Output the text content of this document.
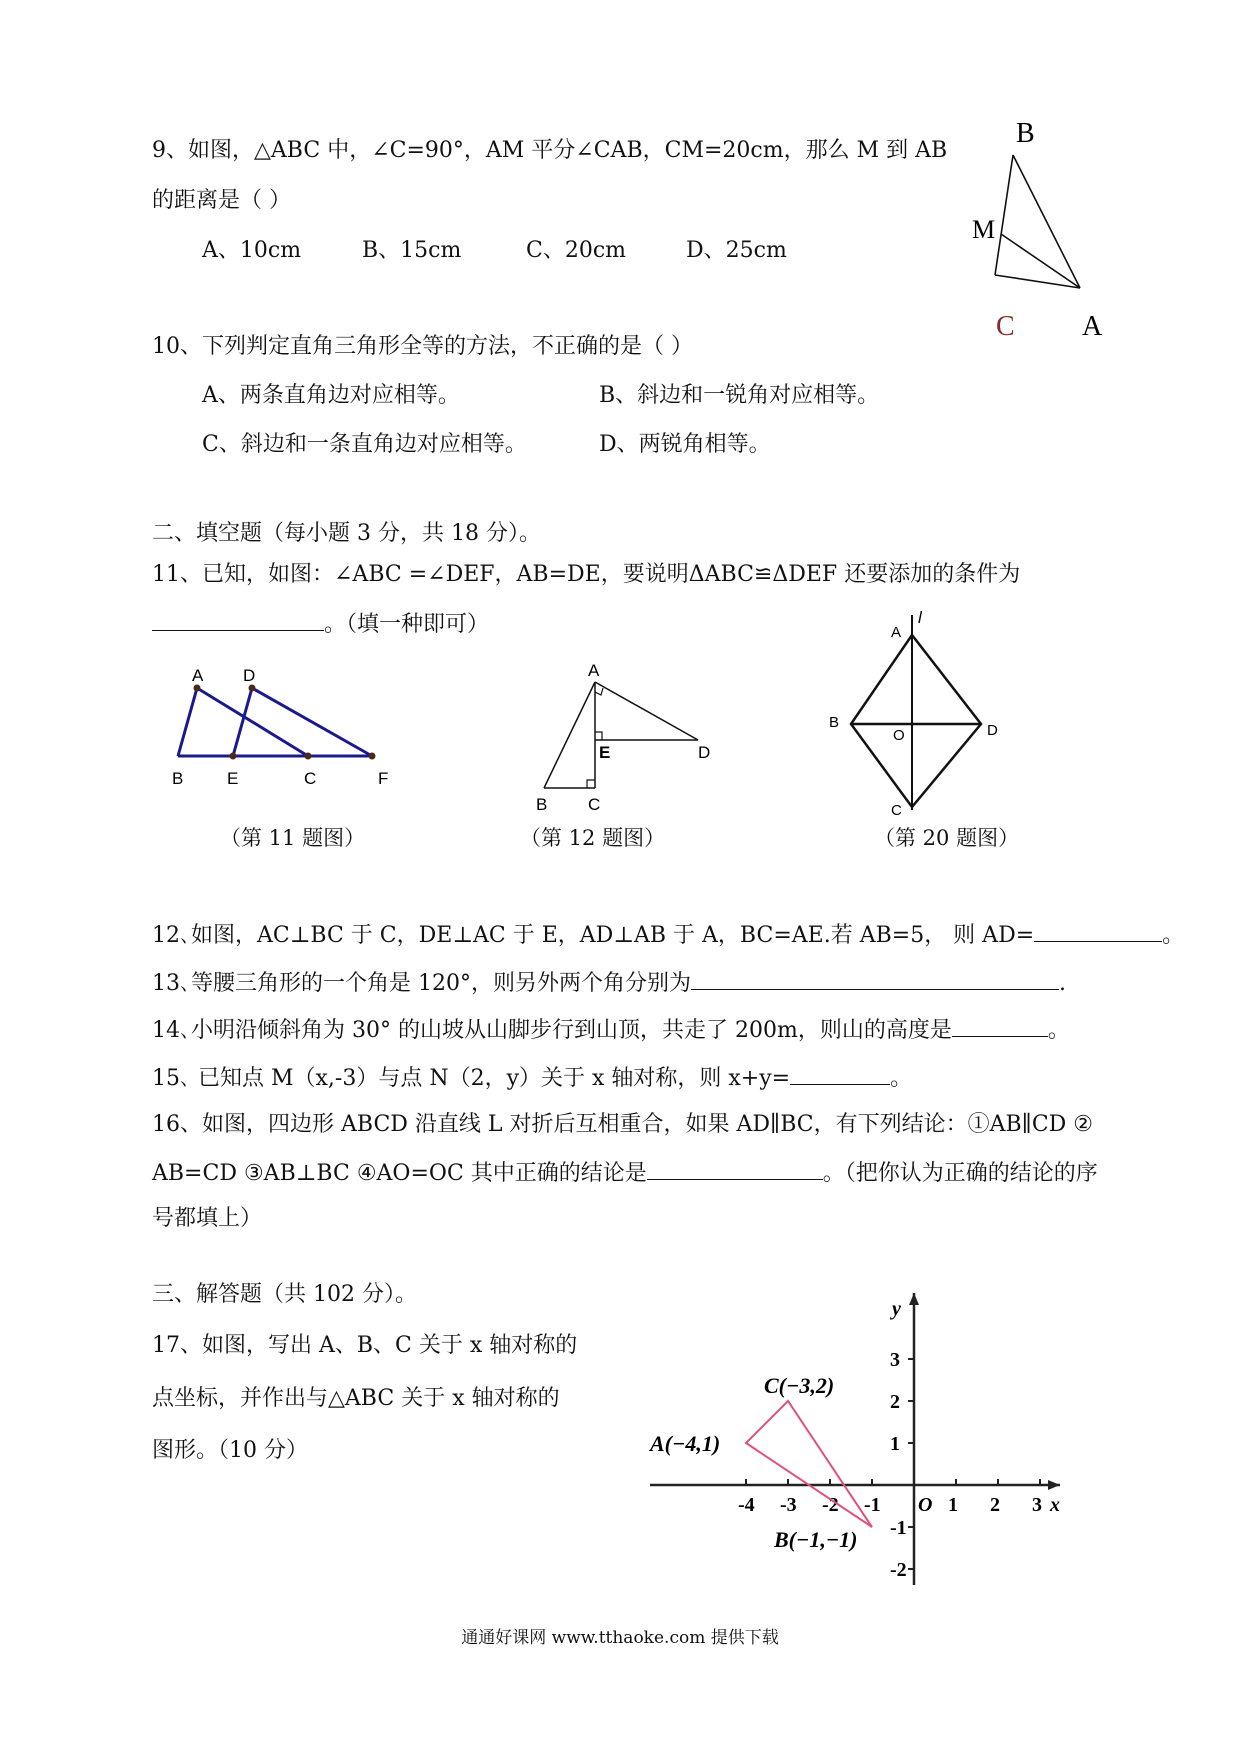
9、如图，△ABC 中，∠C=90°，AM 平分∠CAB，CM=20cm，那么 M 到 AB
的距离是（ ）
A、10cm	B、15cm	C、20cm	D、25cm
B
M
C A
10、下列判定直角三角形全等的方法，不正确的是（ ）
A、两条直角边对应相等。	B、斜边和一锐角对应相等。
C、斜边和一条直角边对应相等。	D、两锐角相等。
二、填空题（每小题 3 分，共 18 分）。
11、已知，如图：∠ABC =∠DEF，AB=DE，要说明ΔABC≌ΔDEF 还要添加的条件为
。（填一种即可）
A D
B	E	C	F
（第 11 题图）
A
E	D
B C
（第 12 题图）
l
A
B
O	D
C
（第 20 题图）
12､如图，AC⊥BC 于 C，DE⊥AC 于 E，AD⊥AB 于 A，BC=AE.若 AB=5， 则 AD=	。
13､等腰三角形的一个角是 120°，则另外两个角分别为	.
14､小明沿倾斜角为 30° 的山坡从山脚步行到山顶，共走了 200m，则山的高度是	。
15､ 已知点 M（x,-3）与点 N（2，y）关于 x 轴对称，则 x+y=	。
16、如图，四边形 ABCD 沿直线 L 对折后互相重合，如果 AD∥BC，有下列结论：①AB∥CD ②
AB=CD ③AB⊥BC ④AO=OC 其中正确的结论是	。（把你认为正确的结论的序
号都填上）
三、解答题（共 102 分）。
17、如图，写出 A、B、C 关于 x 轴对称的
点坐标，并作出与△ABC 关于 x 轴对称的
图形。（10 分）
-4 -3 -2 -1	1 2 3
3
2
1
-1
-2
y
x
O
A(−4,1)
C(−3,2)
B(−1,−1)
通通好课网 www.tthaoke.com 提供下载
